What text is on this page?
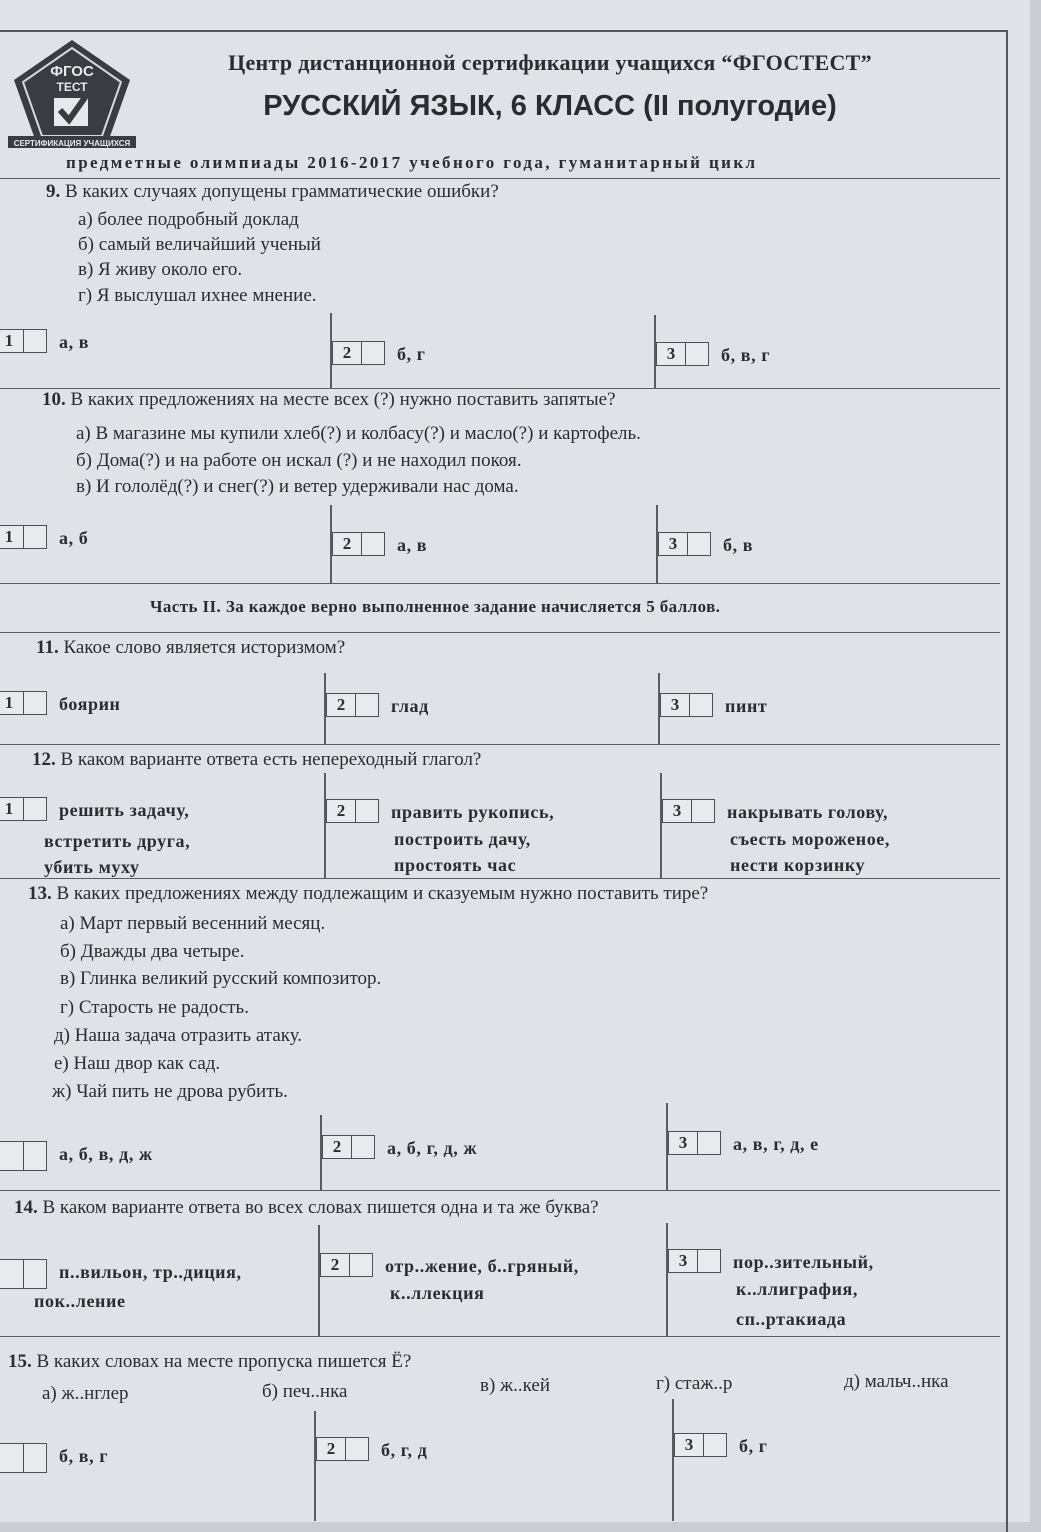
ФГОС
ТЕСТ
СЕРТИФИКАЦИЯ УЧАЩИХСЯ
Центр дистанционной сертификации учащихся “ФГОСТЕСТ”
РУССКИЙ ЯЗЫК, 6 КЛАСС (II полугодие)
предметные олимпиады 2016-2017 учебного года, гуманитарный цикл
9. В каких случаях допущены грамматические ошибки?
а) более подробный доклад
б) самый величайший ученый
в) Я живу около его.
г) Я выслушал ихнее мнение.
1	а, в
2	б, г	3	б, в, г
10. В каких предложениях на месте всех (?) нужно поставить запятые?
а) В магазине мы купили хлеб(?) и колбасу(?) и масло(?) и картофель.
б) Дома(?) и на работе он искал (?) и не находил покоя.
в) И гололёд(?) и снег(?) и ветер удерживали нас дома.
1	а, б	2	а, в	3	б, в
Часть II. За каждое верно выполненное задание начисляется 5 баллов.
11. Какое слово является историзмом?
1	боярин	2	глад	3	пинт
12. В каком варианте ответа есть непереходный глагол?
1	решить задачу,
встретить друга,
убить муху
2	править рукопись,
построить дачу,
простоять час
3	накрывать голову,
съесть мороженое,
нести корзинку
13. В каких предложениях между подлежащим и сказуемым нужно поставить тире?
а) Март первый весенний месяц.
б) Дважды два четыре.
в) Глинка великий русский композитор.
г) Старость не радость.
д) Наша задача отразить атаку.
е) Наш двор как сад.
ж) Чай пить не дрова рубить.
а, б, в, д, ж	2	а, б, г, д, ж	3	а, в, г, д, е
14. В каком варианте ответа во всех словах пишется одна и та же буква?
п..вильон, тр..диция,
пок..ление
2	отр..жение, б..гряный,
к..ллекция
3	пор..зительный,
к..ллиграфия,
сп..ртакиада
15. В каких словах на месте пропуска пишется Ё?
а) ж..нглер	б) печ..нка	в) ж..кей	г) стаж..р	д) мальч..нка
б, в, г	2	б, г, д	3	б, г
